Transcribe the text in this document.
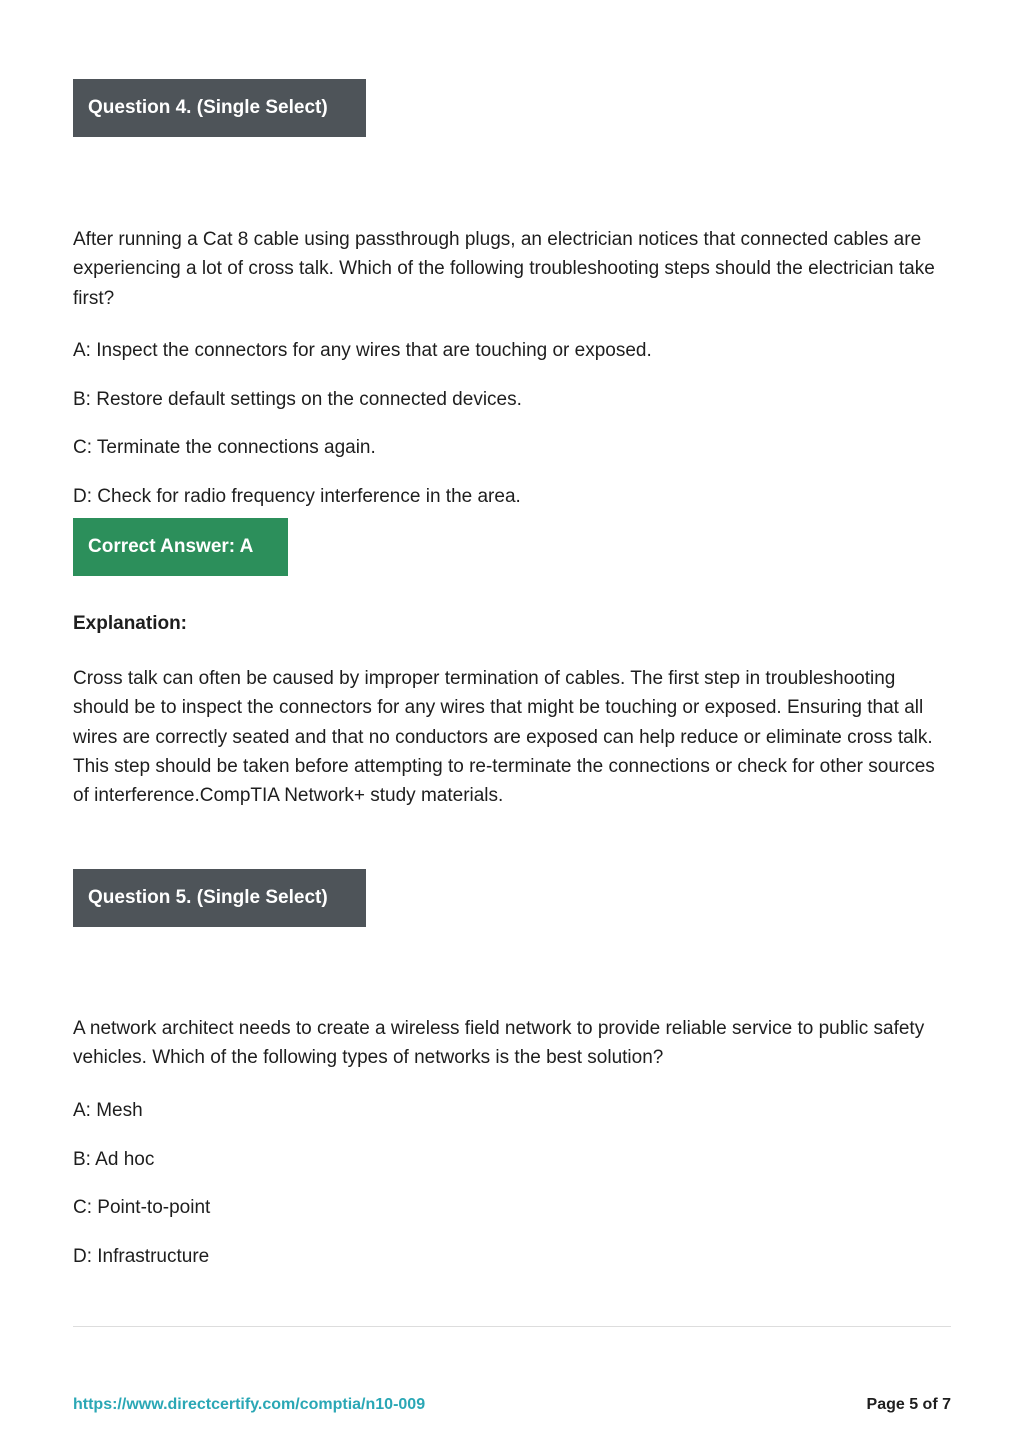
Question 4. (Single Select)

After running a Cat 8 cable using passthrough plugs, an electrician notices that connected cables are experiencing a lot of cross talk. Which of the following troubleshooting steps should the electrician take first?

A: Inspect the connectors for any wires that are touching or exposed.
B: Restore default settings on the connected devices.
C: Terminate the connections again.
D: Check for radio frequency interference in the area.
Correct Answer: A
Explanation:

Cross talk can often be caused by improper termination of cables. The first step in troubleshooting should be to inspect the connectors for any wires that might be touching or exposed. Ensuring that all wires are correctly seated and that no conductors are exposed can help reduce or eliminate cross talk. This step should be taken before attempting to re-terminate the connections or check for other sources of interference.CompTIA Network+ study materials.

Question 5. (Single Select)

A network architect needs to create a wireless field network to provide reliable service to public safety vehicles. Which of the following types of networks is the best solution?

A: Mesh
B: Ad hoc
C: Point-to-point
D: Infrastructure
https://www.directcertify.com/comptia/n10-009	Page 5 of 7
